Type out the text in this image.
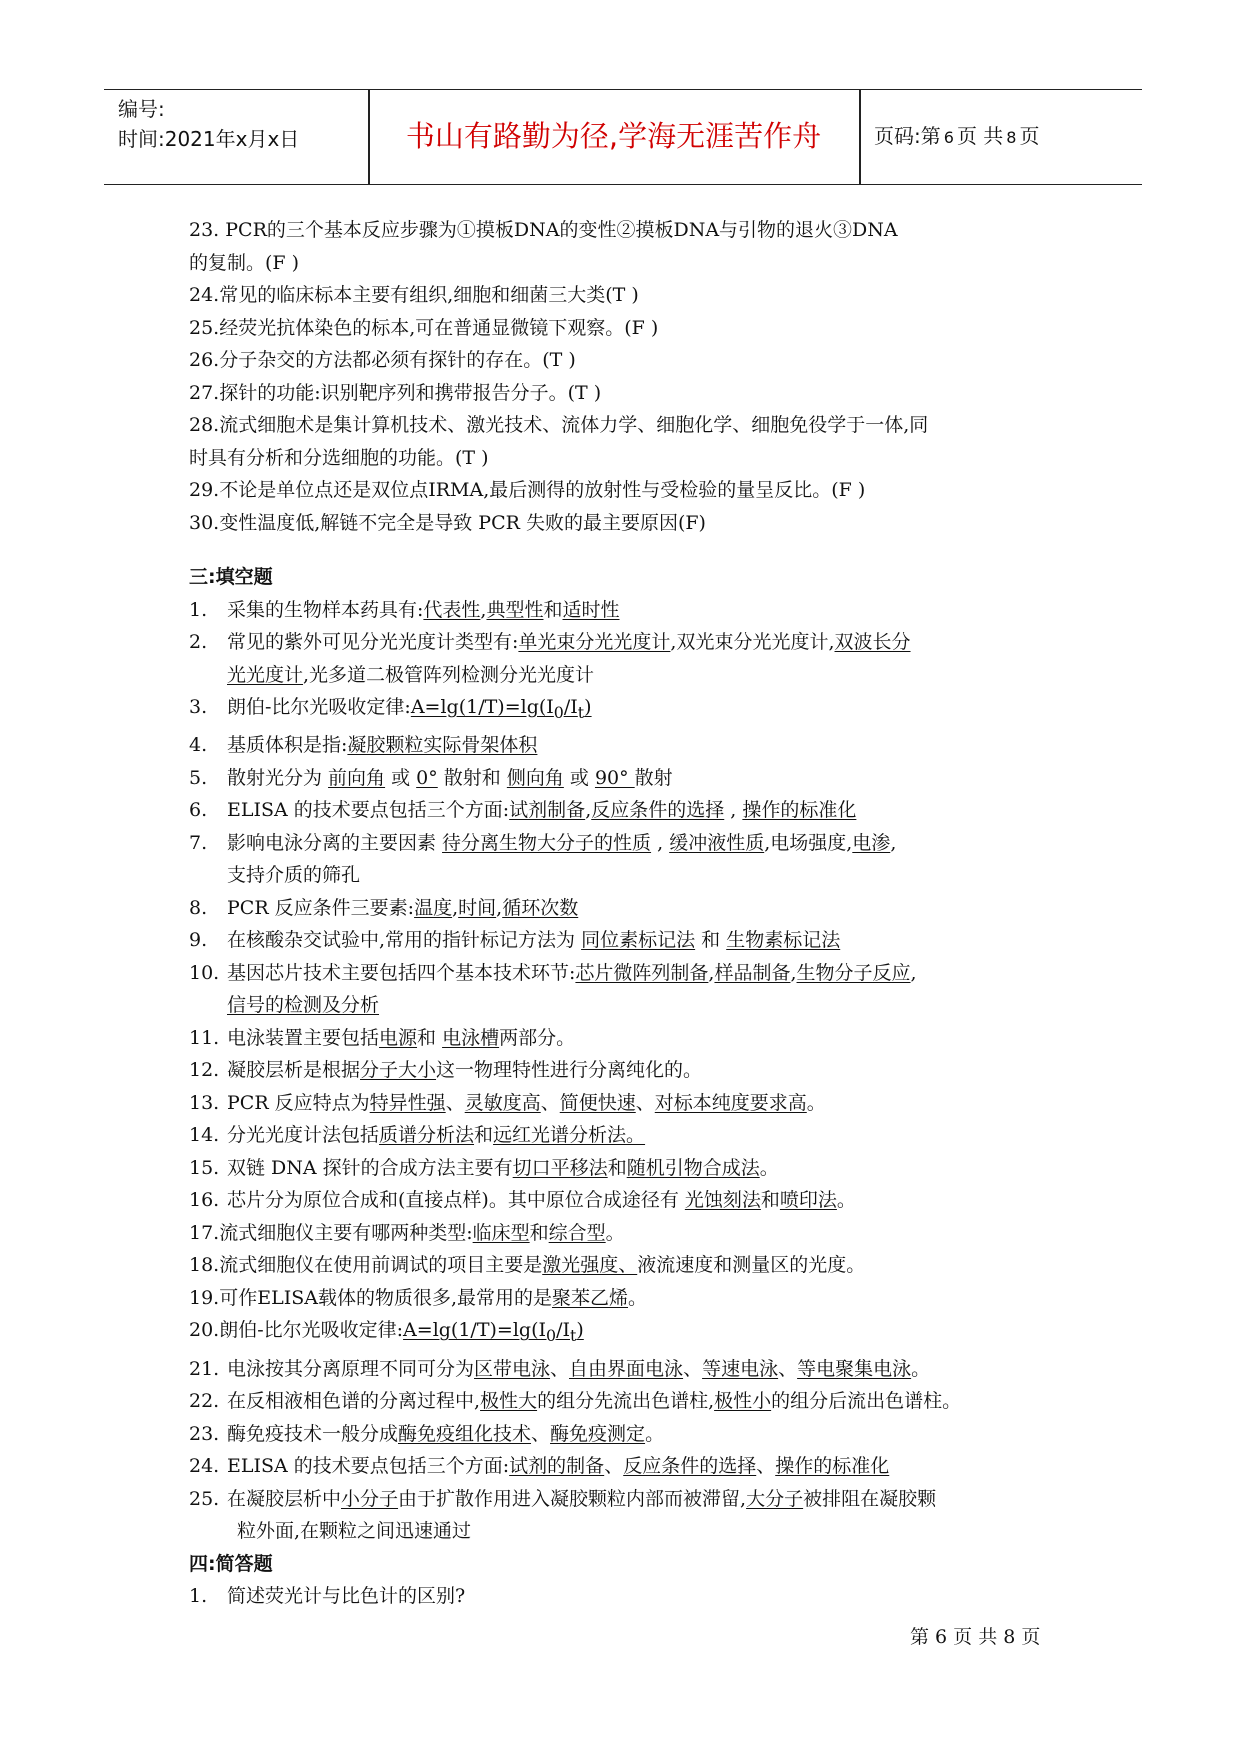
编号:
时间:2021年x月x日	书山有路勤为径,学海无涯苦作舟	页码:第 6 页 共 8 页

23. PCR的三个基本反应步骤为①摸板DNA的变性②摸板DNA与引物的退火③DNA

的复制。(F )

24.常见的临床标本主要有组织,细胞和细菌三大类(T )

25.经荧光抗体染色的标本,可在普通显微镜下观察。(F )

26.分子杂交的方法都必须有探针的存在。(T )

27.探针的功能:识别靶序列和携带报告分子。(T )

28.流式细胞术是集计算机技术、激光技术、流体力学、细胞化学、细胞免役学于一体,同

时具有分析和分选细胞的功能。(T )

29.不论是单位点还是双位点IRMA,最后测得的放射性与受检验的量呈反比。(F )

30.变性温度低,解链不完全是导致 PCR 失败的最主要原因(F)

三:填空题
1.	采集的生物样本药具有:代表性,典型性和适时性
2.	常见的紫外可见分光光度计类型有:单光束分光光度计,双光束分光光度计,双波长分
光光度计,光多道二极管阵列检测分光光度计
3.	朗伯-比尔光吸收定律$:A=\lg(1/T)=\lg(I_0/I_t)$
4.	基质体积是指:凝胶颗粒实际骨架体积
5.	散射光分为 前向角 或 0° 散射和 侧向角 或 90° 散射
6.	ELISA 的技术要点包括三个方面:试剂制备,反应条件的选择 , 操作的标准化
7.	影响电泳分离的主要因素 待分离生物大分子的性质 , 缓冲液性质,电场强度,电渗,
支持介质的筛孔
8.	PCR 反应条件三要素:温度,时间,循环次数
9.	在核酸杂交试验中,常用的指针标记方法为 同位素标记法 和 生物素标记法
10. 基因芯片技术主要包括四个基本技术环节:芯片微阵列制备,样品制备,生物分子反应,
信号的检测及分析
11. 电泳装置主要包括电源和 电泳槽两部分。
12. 凝胶层析是根据分子大小这一物理特性进行分离纯化的。
13. PCR 反应特点为特异性强、灵敏度高、简便快速、对标本纯度要求高。
14. 分光光度计法包括质谱分析法和远红光谱分析法。
15. 双链 DNA 探针的合成方法主要有切口平移法和随机引物合成法。
16. 芯片分为原位合成和(直接点样)。其中原位合成途径有 光蚀刻法和喷印法。
17.流式细胞仪主要有哪两种类型:临床型和综合型。
18.流式细胞仪在使用前调试的项目主要是激光强度、液流速度和测量区的光度。
19.可作ELISA载体的物质很多,最常用的是聚苯乙烯。
20.朗伯-比尔光吸收定律$:A=\lg(1/T)=\lg(I_0/I_t)$
21. 电泳按其分离原理不同可分为区带电泳、自由界面电泳、等速电泳、等电聚集电泳。
22. 在反相液相色谱的分离过程中,极性大的组分先流出色谱柱,极性小的组分后流出色谱柱。
23. 酶免疫技术一般分成酶免疫组化技术、酶免疫测定。
24. ELISA 的技术要点包括三个方面:试剂的制备、反应条件的选择、操作的标准化
25. 在凝胶层析中小分子由于扩散作用进入凝胶颗粒内部而被滞留,大分子被排阻在凝胶颗
粒外面,在颗粒之间迅速通过
四:简答题
1.	简述荧光计与比色计的区别?
第 6 页 共 8 页
